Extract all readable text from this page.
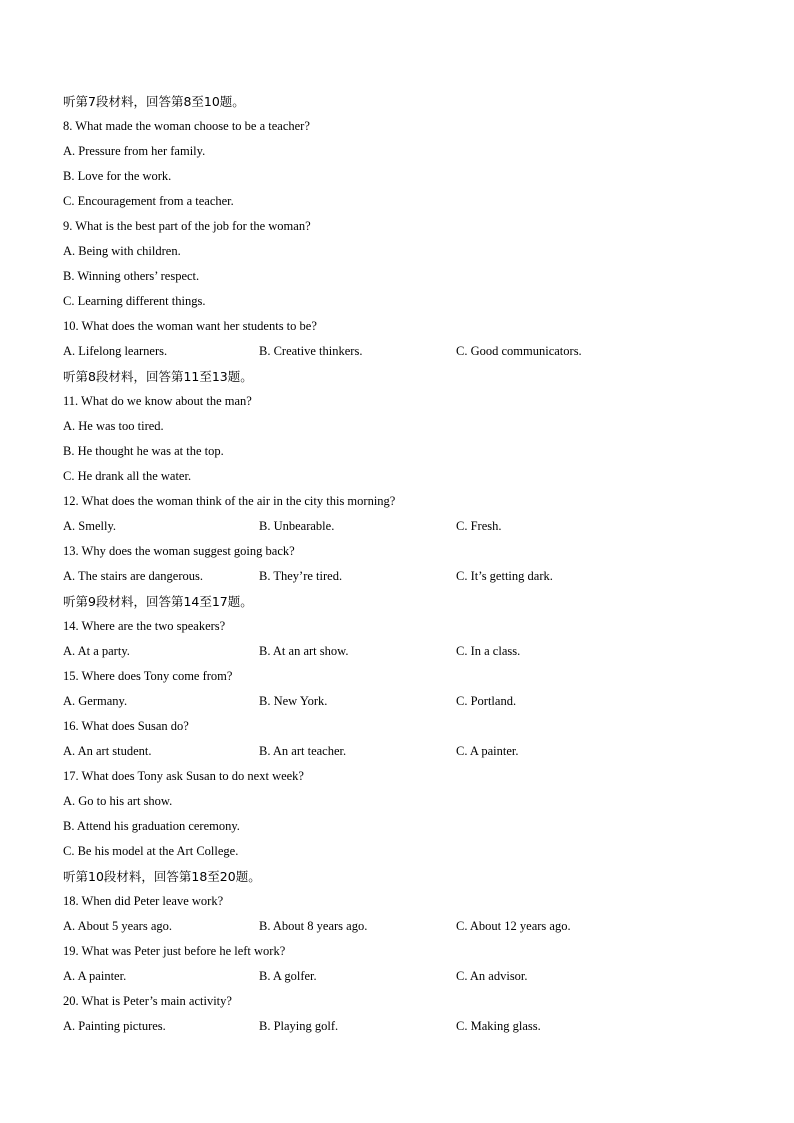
听第7段材料，回答第8至10题。
8. What made the woman choose to be a teacher?
A. Pressure from her family.
B. Love for the work.
C. Encouragement from a teacher.
9. What is the best part of the job for the woman?
A. Being with children.
B. Winning others’ respect.
C. Learning different things.
10. What does the woman want her students to be?
A. Lifelong learners.	B. Creative thinkers.	C. Good communicators.
听第8段材料，回答第11至13题。
11. What do we know about the man?
A. He was too tired.
B. He thought he was at the top.
C. He drank all the water.
12. What does the woman think of the air in the city this morning?
A. Smelly.	B. Unbearable.	C. Fresh.
13. Why does the woman suggest going back?
A. The stairs are dangerous.	B. They’re tired.	C. It’s getting dark.
听第9段材料，回答第14至17题。
14. Where are the two speakers?
A. At a party.	B. At an art show.	C. In a class.
15. Where does Tony come from?
A. Germany.	B. New York.	C. Portland.
16. What does Susan do?
A. An art student.	B. An art teacher.	C. A painter.
17. What does Tony ask Susan to do next week?
A. Go to his art show.
B. Attend his graduation ceremony.
C. Be his model at the Art College.
听第10段材料，回答第18至20题。
18. When did Peter leave work?
A. About 5 years ago.	B. About 8 years ago.	C. About 12 years ago.
19. What was Peter just before he left work?
A. A painter.	B. A golfer.	C. An advisor.
20. What is Peter’s main activity?
A. Painting pictures.	B. Playing golf.	C. Making glass.
